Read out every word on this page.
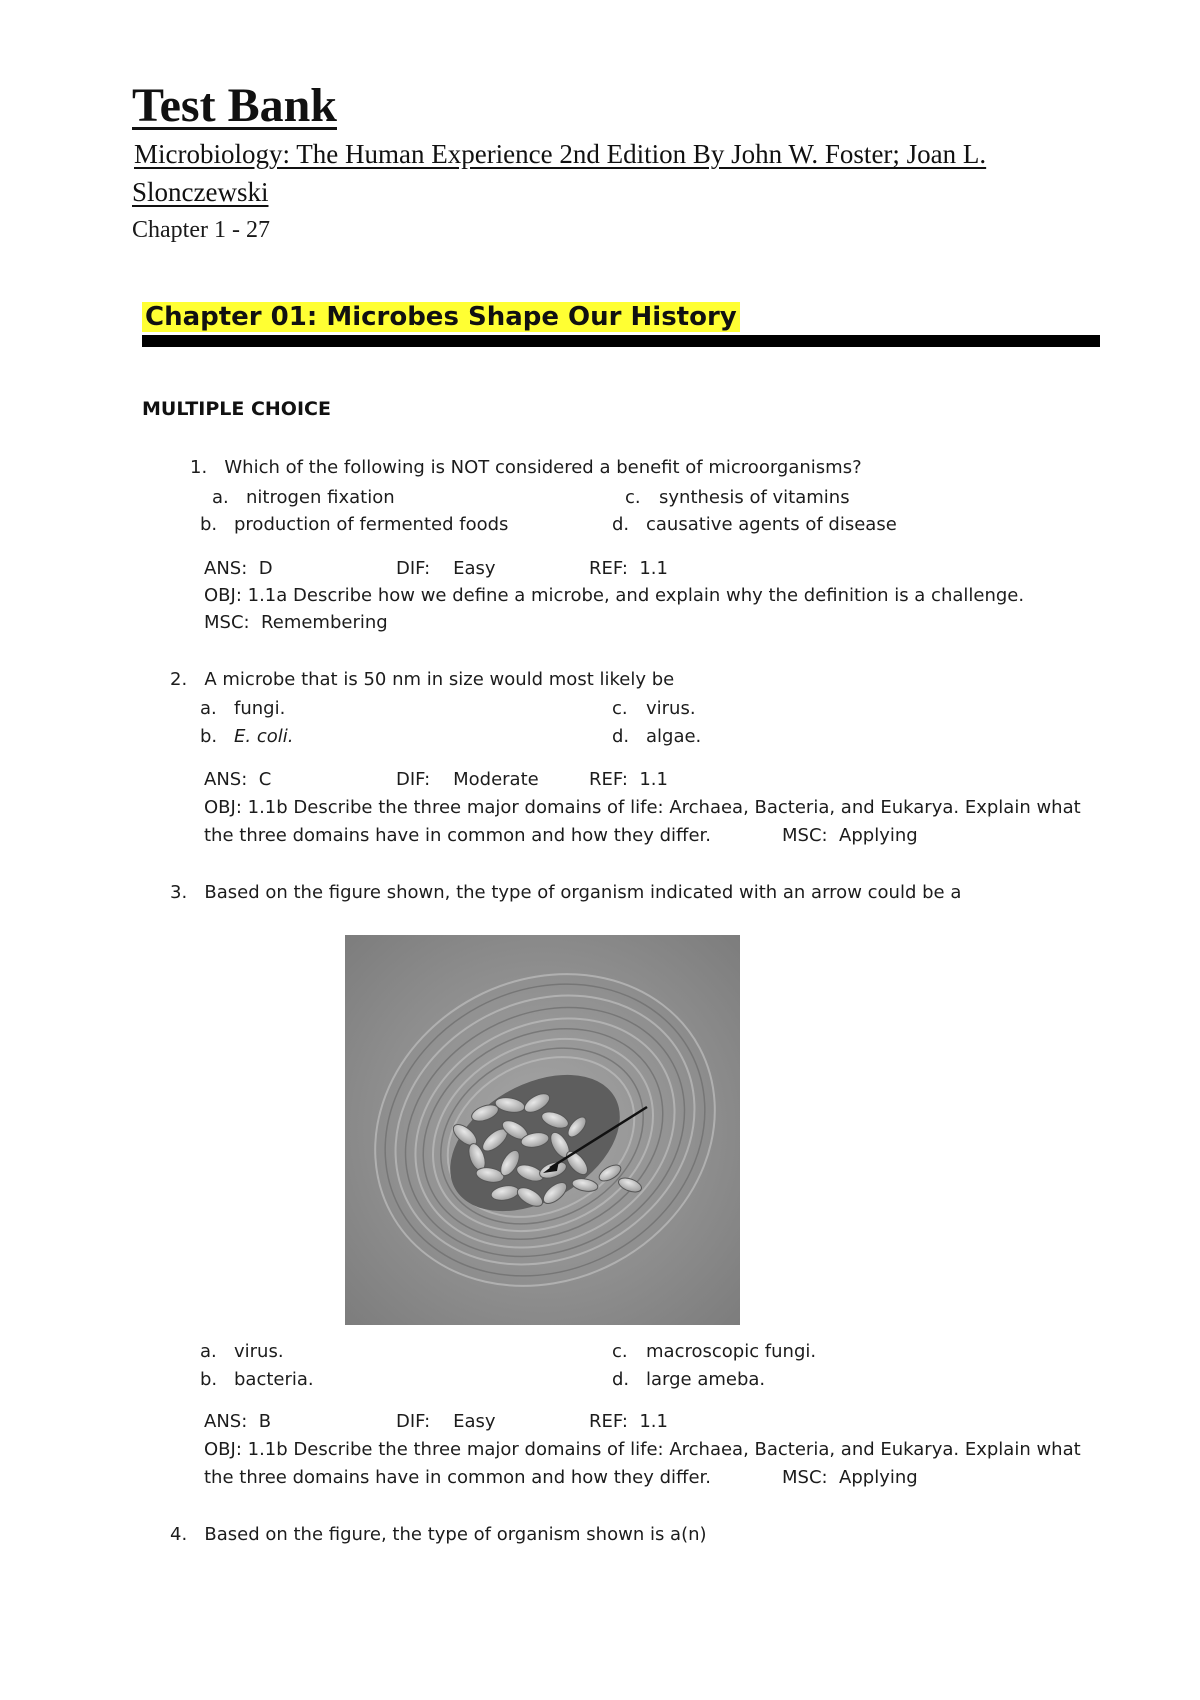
Test Bank
Microbiology: The Human Experience 2nd Edition By John W. Foster; Joan L.
Slonczewski
Chapter 1 - 27
Chapter 01: Microbes Shape Our History
MULTIPLE CHOICE
1. Which of the following is NOT considered a benefit of microorganisms?
a. nitrogen fixation
b. production of fermented foods
c. synthesis of vitamins
d. causative agents of disease
ANS: D	DIF: Easy	REF: 1.1
OBJ: 1.1a Describe how we define a microbe, and explain why the definition is a challenge.
MSC: Remembering
2. A microbe that is 50 nm in size would most likely be
a. fungi.
b. E. coli.
c. virus.
d. algae.
ANS: C	DIF: Moderate	REF: 1.1
OBJ: 1.1b Describe the three major domains of life: Archaea, Bacteria, and Eukarya. Explain what
the three domains have in common and how they differ.	MSC: Applying
3. Based on the figure shown, the type of organism indicated with an arrow could be a
a. virus.
b. bacteria.
c. macroscopic fungi.
d. large ameba.
ANS: B	DIF: Easy	REF: 1.1
OBJ: 1.1b Describe the three major domains of life: Archaea, Bacteria, and Eukarya. Explain what
the three domains have in common and how they differ.	MSC: Applying
4. Based on the figure, the type of organism shown is a(n)
